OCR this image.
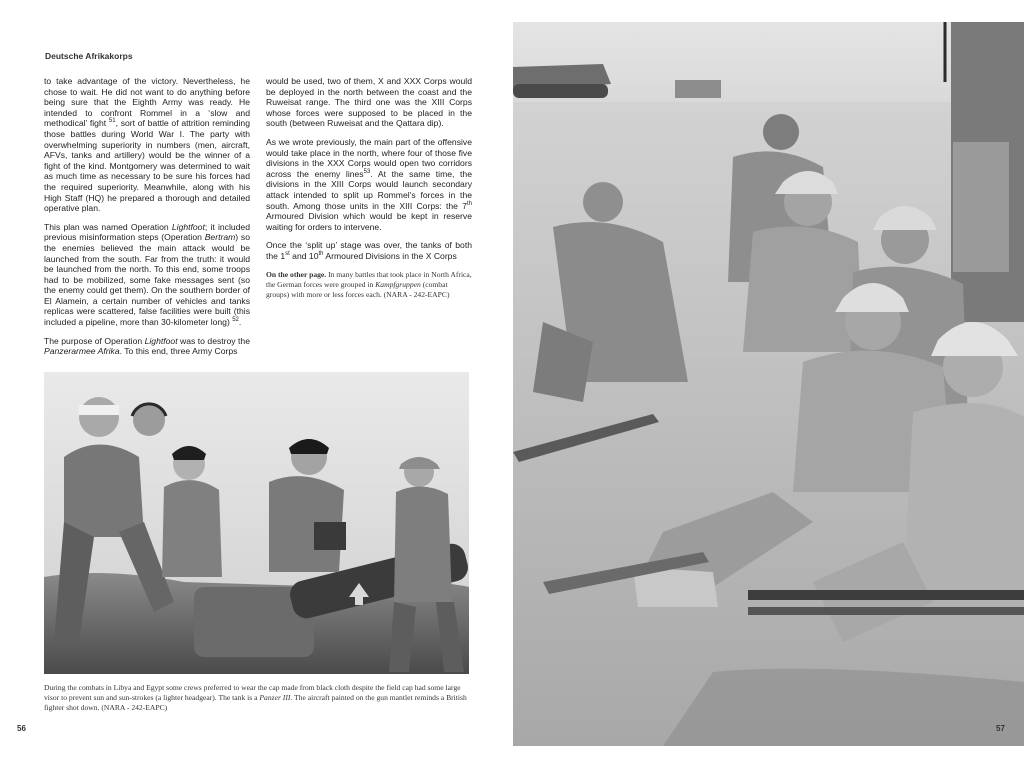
Deutsche Afrikakorps

to take advantage of the victory. Nevertheless, he chose to wait. He did not want to do anything before being sure that the Eighth Army was ready. He intended to confront Rommel in a ‘slow and methodical’ fight $^{51}$, sort of battle of attrition reminding those battles during World War I. The party with overwhelming superiority in numbers (men, aircraft, AFVs, tanks and artillery) would be the winner of a fight of the kind. Montgomery was determined to wait as much time as necessary to be sure his forces had the required superiority. Meanwhile, along with his High Staff (HQ) he prepared a thorough and detailed operative plan.

This plan was named Operation Lightfoot; it included previous misinformation steps (Operation Bertram) so the enemies believed the main attack would be launched from the south. Far from the truth: it would be launched from the north. To this end, some troops had to be mobilized, some fake messages sent (so the enemy could get them). On the southern border of El Alamein, a certain number of vehicles and tanks replicas were scattered, false facilities were built (this included a pipeline, more than 30-kilometer long) $^{52}$.

The purpose of Operation Lightfoot was to destroy the Panzerarmee Afrika. To this end, three Army Corps

would be used, two of them, X and XXX Corps would be deployed in the north between the coast and the Ruweisat range. The third one was the XIII Corps whose forces were supposed to be placed in the south (between Ruweisat and the Qattara dip).

As we wrote previously, the main part of the offensive would take place in the north, where four of those five divisions in the XXX Corps would open two corridors across the enemy lines$^{53}$. At the same time, the divisions in the XIII Corps would launch secondary attack intended to split up Rommel’s forces in the south. Among those units in the XIII Corps: the 7th Armoured Division which would be kept in reserve waiting for orders to intervene.

Once the ‘split up’ stage was over, the tanks of both the 1st and 10th Armoured Divisions in the X Corps

On the other page. In many battles that took place in North Africa, the German forces were grouped in Kampfgruppen (combat groups) with more or less forces each. (NARA - 242-EAPC)
During the combats in Libya and Egypt some crews preferred to wear the cap made from black cloth despite the field cap had some large visor to prevent sun and sun-strokes (a lighter headgear). The tank is a Panzer III. The aircraft painted on the gun mantlet reminds a British fighter shot down. (NARA - 242-EAPC)
56	57
